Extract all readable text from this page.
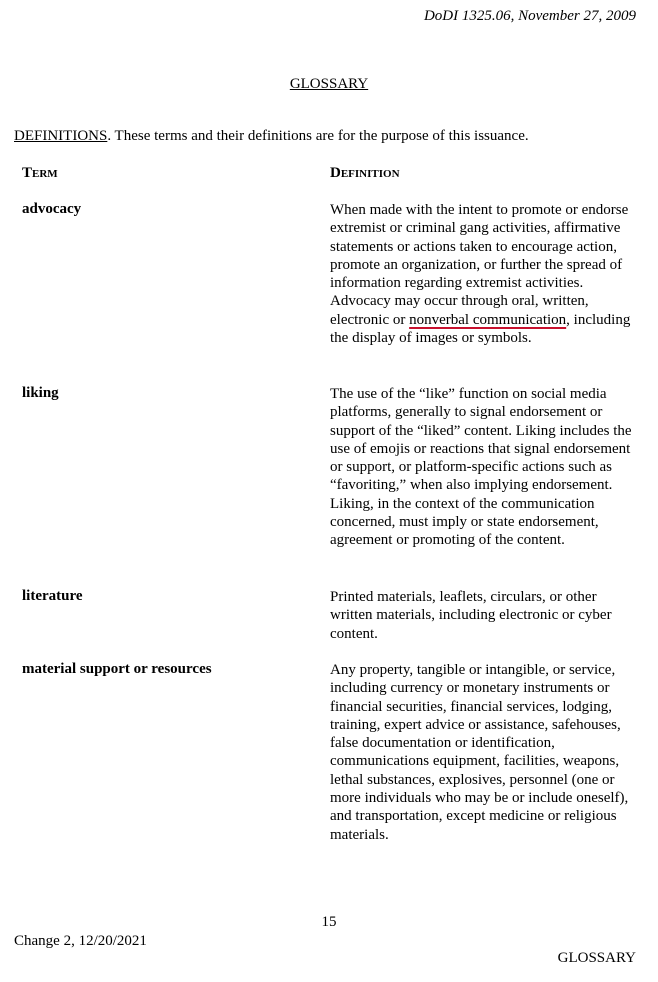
DoDI 1325.06, November 27, 2009
GLOSSARY
DEFINITIONS. These terms and their definitions are for the purpose of this issuance.
Term	Definition
advocacy	When made with the intent to promote or endorse extremist or criminal gang activities, affirmative statements or actions taken to encourage action, promote an organization, or further the spread of information regarding extremist activities. Advocacy may occur through oral, written, electronic or nonverbal communication, including the display of images or symbols.
liking	The use of the “like” function on social media platforms, generally to signal endorsement or support of the “liked” content. Liking includes the use of emojis or reactions that signal endorsement or support, or platform-specific actions such as “favoriting,” when also implying endorsement. Liking, in the context of the communication concerned, must imply or state endorsement, agreement or promoting of the content.
literature	Printed materials, leaflets, circulars, or other written materials, including electronic or cyber content.
material support or resources	Any property, tangible or intangible, or service, including currency or monetary instruments or financial securities, financial services, lodging, training, expert advice or assistance, safehouses, false documentation or identification, communications equipment, facilities, weapons, lethal substances, explosives, personnel (one or more individuals who may be or include oneself), and transportation, except medicine or religious materials.
15
Change 2, 12/20/2021
GLOSSARY
